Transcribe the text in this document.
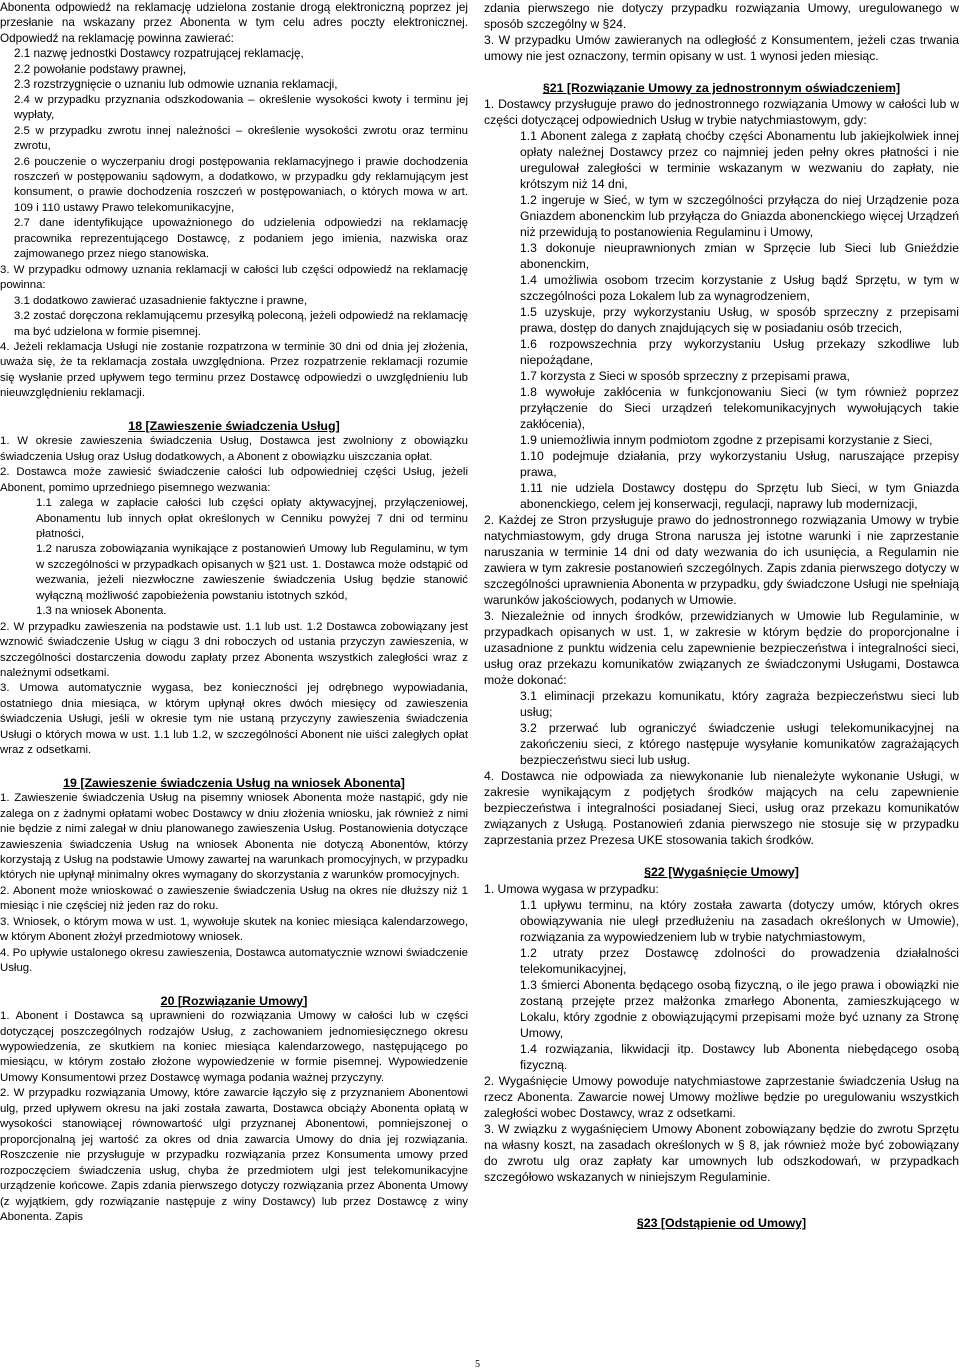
Abonenta odpowiedź na reklamację udzielona zostanie drogą elektroniczną poprzez jej przesłanie na wskazany przez Abonenta w tym celu adres poczty elektronicznej. Odpowiedź na reklamację powinna zawierać:

2.1 nazwę jednostki Dostawcy rozpatrującej reklamację,

2.2 powołanie podstawy prawnej,

2.3 rozstrzygnięcie o uznaniu lub odmowie uznania reklamacji,

2.4 w przypadku przyznania odszkodowania – określenie wysokości kwoty i terminu jej wypłaty,

2.5 w przypadku zwrotu innej należności – określenie wysokości zwrotu oraz terminu zwrotu,

2.6 pouczenie o wyczerpaniu drogi postępowania reklamacyjnego i prawie dochodzenia roszczeń w postępowaniu sądowym, a dodatkowo, w przypadku gdy reklamującym jest konsument, o prawie dochodzenia roszczeń w postępowaniach, o których mowa w art. 109 i 110 ustawy Prawo telekomunikacyjne,

2.7 dane identyfikujące upoważnionego do udzielenia odpowiedzi na reklamację pracownika reprezentującego Dostawcę, z podaniem jego imienia, nazwiska oraz zajmowanego przez niego stanowiska.

3. W przypadku odmowy uznania reklamacji w całości lub części odpowiedź na reklamację powinna:

3.1 dodatkowo zawierać uzasadnienie faktyczne i prawne,

3.2 zostać doręczona reklamującemu przesyłką poleconą, jeżeli odpowiedź na reklamację ma być udzielona w formie pisemnej.

4. Jeżeli reklamacja Usługi nie zostanie rozpatrzona w terminie 30 dni od dnia jej złożenia, uważa się, że ta reklamacja została uwzględniona. Przez rozpatrzenie reklamacji rozumie się wysłanie przed upływem tego terminu przez Dostawcę odpowiedzi o uwzględnieniu lub nieuwzględnieniu reklamacji.

18 [Zawieszenie świadczenia Usług]

1. W okresie zawieszenia świadczenia Usług, Dostawca jest zwolniony z obowiązku świadczenia Usług oraz Usług dodatkowych, a Abonent z obowiązku uiszczania opłat.

2. Dostawca może zawiesić świadczenie całości lub odpowiedniej części Usług, jeżeli Abonent, pomimo uprzedniego pisemnego wezwania:

1.1 zalega w zapłacie całości lub części opłaty aktywacyjnej, przyłączeniowej, Abonamentu lub innych opłat określonych w Cenniku powyżej 7 dni od terminu płatności,

1.2 narusza zobowiązania wynikające z postanowień Umowy lub Regulaminu, w tym w szczególności w przypadkach opisanych w §21 ust. 1. Dostawca może odstąpić od wezwania, jeżeli niezwłoczne zawieszenie świadczenia Usług będzie stanowić wyłączną możliwość zapobieżenia powstaniu istotnych szkód,

1.3 na wniosek Abonenta.

2. W przypadku zawieszenia na podstawie ust. 1.1 lub ust. 1.2 Dostawca zobowiązany jest wznowić świadczenie Usług w ciągu 3 dni roboczych od ustania przyczyn zawieszenia, w szczególności dostarczenia dowodu zapłaty przez Abonenta wszystkich zaległości wraz z należnymi odsetkami.

3. Umowa automatycznie wygasa, bez konieczności jej odrębnego wypowiadania, ostatniego dnia miesiąca, w którym upłynął okres dwóch miesięcy od zawieszenia świadczenia Usługi, jeśli w okresie tym nie ustaną przyczyny zawieszenia świadczenia Usługi o których mowa w ust. 1.1 lub 1.2, w szczególności Abonent nie uiści zaległych opłat wraz z odsetkami.

19 [Zawieszenie świadczenia Usług na wniosek Abonenta]

1. Zawieszenie świadczenia Usług na pisemny wniosek Abonenta może nastąpić, gdy nie zalega on z żadnymi opłatami wobec Dostawcy w dniu złożenia wniosku, jak również z nimi nie będzie z nimi zalegał w dniu planowanego zawieszenia Usług. Postanowienia dotyczące zawieszenia świadczenia Usług na wniosek Abonenta nie dotyczą Abonentów, którzy korzystają z Usług na podstawie Umowy zawartej na warunkach promocyjnych, w przypadku których nie upłynął minimalny okres wymagany do skorzystania z warunków promocyjnych.

2. Abonent może wnioskować o zawieszenie świadczenia Usług na okres nie dłuższy niż 1 miesiąc i nie częściej niż jeden raz do roku.

3. Wniosek, o którym mowa w ust. 1, wywołuje skutek na koniec miesiąca kalendarzowego, w którym Abonent złożył przedmiotowy wniosek.

4. Po upływie ustalonego okresu zawieszenia, Dostawca automatycznie wznowi świadczenie Usług.

20 [Rozwiązanie Umowy]

1. Abonent i Dostawca są uprawnieni do rozwiązania Umowy w całości lub w części dotyczącej poszczególnych rodzajów Usług, z zachowaniem jednomiesięcznego okresu wypowiedzenia, ze skutkiem na koniec miesiąca kalendarzowego, następującego po miesiącu, w którym zostało złożone wypowiedzenie w formie pisemnej. Wypowiedzenie Umowy Konsumentowi przez Dostawcę wymaga podania ważnej przyczyny.

2. W przypadku rozwiązania Umowy, które zawarcie łączyło się z przyznaniem Abonentowi ulg, przed upływem okresu na jaki została zawarta, Dostawca obciąży Abonenta opłatą w wysokości stanowiącej równowartość ulgi przyznanej Abonentowi, pomniejszonej o proporcjonalną jej wartość za okres od dnia zawarcia Umowy do dnia jej rozwiązania. Roszczenie nie przysługuje w przypadku rozwiązania przez Konsumenta umowy przed rozpoczęciem świadczenia usług, chyba że przedmiotem ulgi jest telekomunikacyjne urządzenie końcowe. Zapis zdania pierwszego dotyczy rozwiązania przez Abonenta Umowy (z wyjątkiem, gdy rozwiązanie następuje z winy Dostawcy) lub przez Dostawcę z winy Abonenta. Zapis

zdania pierwszego nie dotyczy przypadku rozwiązania Umowy, uregulowanego w sposób szczególny w §24.

3. W przypadku Umów zawieranych na odległość z Konsumentem, jeżeli czas trwania umowy nie jest oznaczony, termin opisany w ust. 1 wynosi jeden miesiąc.

§21 [Rozwiązanie Umowy za jednostronnym oświadczeniem]

1. Dostawcy przysługuje prawo do jednostronnego rozwiązania Umowy w całości lub w części dotyczącej odpowiednich Usług w trybie natychmiastowym, gdy:

1.1 Abonent zalega z zapłatą choćby części Abonamentu lub jakiejkolwiek innej opłaty należnej Dostawcy przez co najmniej jeden pełny okres płatności i nie uregulował zaległości w terminie wskazanym w wezwaniu do zapłaty, nie krótszym niż 14 dni,

1.2 ingeruje w Sieć, w tym w szczególności przyłącza do niej Urządzenie poza Gniazdem abonenckim lub przyłącza do Gniazda abonenckiego więcej Urządzeń niż przewidują to postanowienia Regulaminu i Umowy,

1.3 dokonuje nieuprawnionych zmian w Sprzęcie lub Sieci lub Gnieździe abonenckim,

1.4 umożliwia osobom trzecim korzystanie z Usług bądź Sprzętu, w tym w szczególności poza Lokalem lub za wynagrodzeniem,

1.5 uzyskuje, przy wykorzystaniu Usług, w sposób sprzeczny z przepisami prawa, dostęp do danych znajdujących się w posiadaniu osób trzecich,

1.6 rozpowszechnia przy wykorzystaniu Usług przekazy szkodliwe lub niepożądane,

1.7 korzysta z Sieci w sposób sprzeczny z przepisami prawa,

1.8 wywołuje zakłócenia w funkcjonowaniu Sieci (w tym również poprzez przyłączenie do Sieci urządzeń telekomunikacyjnych wywołujących takie zakłócenia),

1.9 uniemożliwia innym podmiotom zgodne z przepisami korzystanie z Sieci,

1.10 podejmuje działania, przy wykorzystaniu Usług, naruszające przepisy prawa,

1.11 nie udziela Dostawcy dostępu do Sprzętu lub Sieci, w tym Gniazda abonenckiego, celem jej konserwacji, regulacji, naprawy lub modernizacji,

2. Każdej ze Stron przysługuje prawo do jednostronnego rozwiązania Umowy w trybie natychmiastowym, gdy druga Strona narusza jej istotne warunki i nie zaprzestanie naruszania w terminie 14 dni od daty wezwania do ich usunięcia, a Regulamin nie zawiera w tym zakresie postanowień szczególnych. Zapis zdania pierwszego dotyczy w szczególności uprawnienia Abonenta w przypadku, gdy świadczone Usługi nie spełniają warunków jakościowych, podanych w Umowie.

3. Niezależnie od innych środków, przewidzianych w Umowie lub Regulaminie, w przypadkach opisanych w ust. 1, w zakresie w którym będzie do proporcjonalne i uzasadnione z punktu widzenia celu zapewnienie bezpieczeństwa i integralności sieci, usług oraz przekazu komunikatów związanych ze świadczonymi Usługami, Dostawca może dokonać:

3.1 eliminacji przekazu komunikatu, który zagraża bezpieczeństwu sieci lub usług;

3.2 przerwać lub ograniczyć świadczenie usługi telekomunikacyjnej na zakończeniu sieci, z którego następuje wysyłanie komunikatów zagrażających bezpieczeństwu sieci lub usług.

4. Dostawca nie odpowiada za niewykonanie lub nienależyte wykonanie Usługi, w zakresie wynikającym z podjętych środków mających na celu zapewnienie bezpieczeństwa i integralności posiadanej Sieci, usług oraz przekazu komunikatów związanych z Usługą. Postanowień zdania pierwszego nie stosuje się w przypadku zaprzestania przez Prezesa UKE stosowania takich środków.

§22 [Wygaśnięcie Umowy]

1. Umowa wygasa w przypadku:

1.1 upływu terminu, na który została zawarta (dotyczy umów, których okres obowiązywania nie uległ przedłużeniu na zasadach określonych w Umowie), rozwiązania za wypowiedzeniem lub w trybie natychmiastowym,

1.2 utraty przez Dostawcę zdolności do prowadzenia działalności telekomunikacyjnej,

1.3 śmierci Abonenta będącego osobą fizyczną, o ile jego prawa i obowiązki nie zostaną przejęte przez małżonka zmarłego Abonenta, zamieszkującego w Lokalu, który zgodnie z obowiązującymi przepisami może być uznany za Stronę Umowy,

1.4 rozwiązania, likwidacji itp. Dostawcy lub Abonenta niebędącego osobą fizyczną.

2. Wygaśnięcie Umowy powoduje natychmiastowe zaprzestanie świadczenia Usług na rzecz Abonenta. Zawarcie nowej Umowy możliwe będzie po uregulowaniu wszystkich zaległości wobec Dostawcy, wraz z odsetkami.

3. W związku z wygaśnięciem Umowy Abonent zobowiązany będzie do zwrotu Sprzętu na własny koszt, na zasadach określonych w § 8, jak również może być zobowiązany do zwrotu ulg oraz zapłaty kar umownych lub odszkodowań, w przypadkach szczegółowo wskazanych w niniejszym Regulaminie.

§23 [Odstąpienie od Umowy]
5
